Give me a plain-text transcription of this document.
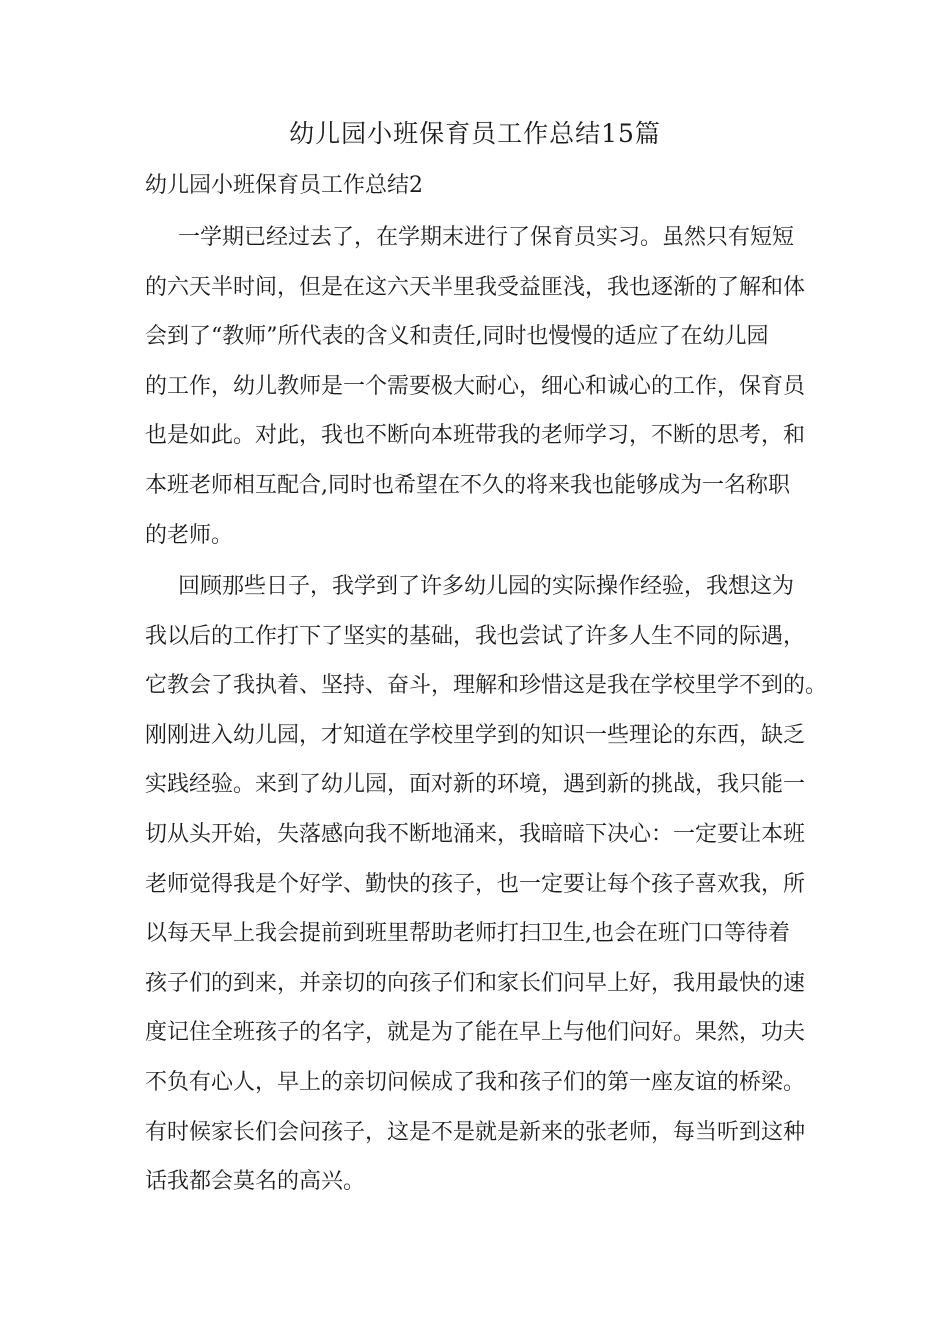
幼儿园小班保育员工作总结15篇
幼儿园小班保育员工作总结2
一学期已经过去了，在学期末进行了保育员实习。虽然只有短短
的六天半时间，但是在这六天半里我受益匪浅，我也逐渐的了解和体
会到了“教师”所代表的含义和责任,同时也慢慢的适应了在幼儿园
的工作，幼儿教师是一个需要极大耐心，细心和诚心的工作，保育员
也是如此。对此，我也不断向本班带我的老师学习，不断的思考，和
本班老师相互配合,同时也希望在不久的将来我也能够成为一名称职
的老师。
回顾那些日子，我学到了许多幼儿园的实际操作经验，我想这为
我以后的工作打下了坚实的基础，我也尝试了许多人生不同的际遇，
它教会了我执着、坚持、奋斗，理解和珍惜这是我在学校里学不到的。
刚刚进入幼儿园，才知道在学校里学到的知识一些理论的东西，缺乏
实践经验。来到了幼儿园，面对新的环境，遇到新的挑战，我只能一
切从头开始，失落感向我不断地涌来，我暗暗下决心：一定要让本班
老师觉得我是个好学、勤快的孩子，也一定要让每个孩子喜欢我，所
以每天早上我会提前到班里帮助老师打扫卫生,也会在班门口等待着
孩子们的到来，并亲切的向孩子们和家长们问早上好，我用最快的速
度记住全班孩子的名字，就是为了能在早上与他们问好。果然，功夫
不负有心人，早上的亲切问候成了我和孩子们的第一座友谊的桥梁。
有时候家长们会问孩子，这是不是就是新来的张老师，每当听到这种
话我都会莫名的高兴。
